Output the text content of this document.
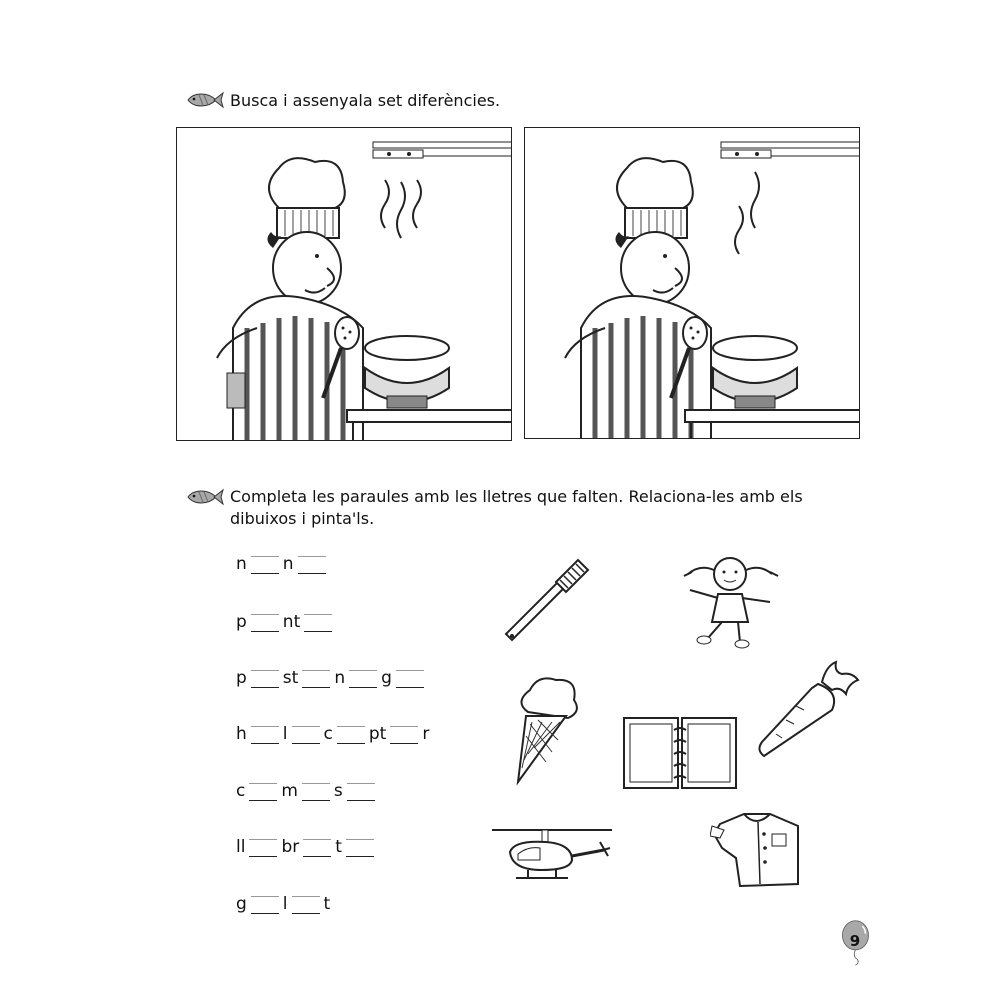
Busca i assenyala set diferències.
Completa les paraules amb les lletres que falten. Relaciona-les amb els
dibuixos i pinta'ls.
n n
p nt
p st n g
h l c pt r
c m s
ll br t
g l t
9
